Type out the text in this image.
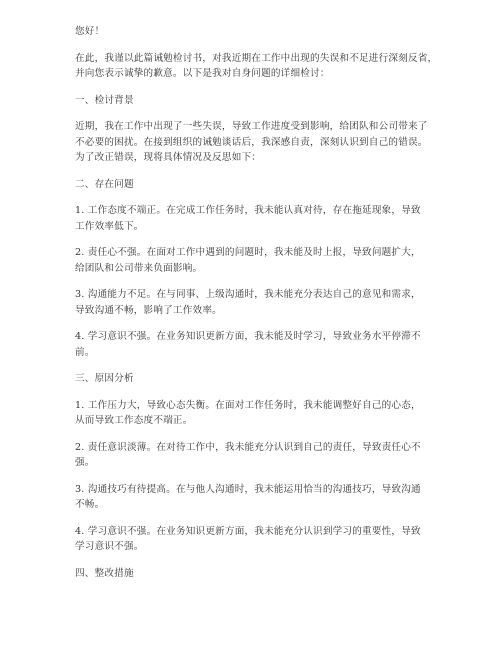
您好！

在此，我谨以此篇诫勉检讨书，对我近期在工作中出现的失误和不足进行深刻反省，
并向您表示诚挚的歉意。以下是我对自身问题的详细检讨：

一、检讨背景

近期，我在工作中出现了一些失误，导致工作进度受到影响，给团队和公司带来了
不必要的困扰。在接到组织的诫勉谈话后，我深感自责，深刻认识到自己的错误。
为了改正错误，现将具体情况及反思如下：

二、存在问题

1. 工作态度不端正。在完成工作任务时，我未能认真对待，存在拖延现象，导致
工作效率低下。

2. 责任心不强。在面对工作中遇到的问题时，我未能及时上报，导致问题扩大，
给团队和公司带来负面影响。

3. 沟通能力不足。在与同事、上级沟通时，我未能充分表达自己的意见和需求，
导致沟通不畅，影响了工作效率。

4. 学习意识不强。在业务知识更新方面，我未能及时学习，导致业务水平停滞不
前。

三、原因分析

1. 工作压力大，导致心态失衡。在面对工作任务时，我未能调整好自己的心态，
从而导致工作态度不端正。

2. 责任意识淡薄。在对待工作中，我未能充分认识到自己的责任，导致责任心不
强。

3. 沟通技巧有待提高。在与他人沟通时，我未能运用恰当的沟通技巧，导致沟通
不畅。

4. 学习意识不强。在业务知识更新方面，我未能充分认识到学习的重要性，导致
学习意识不强。

四、整改措施
